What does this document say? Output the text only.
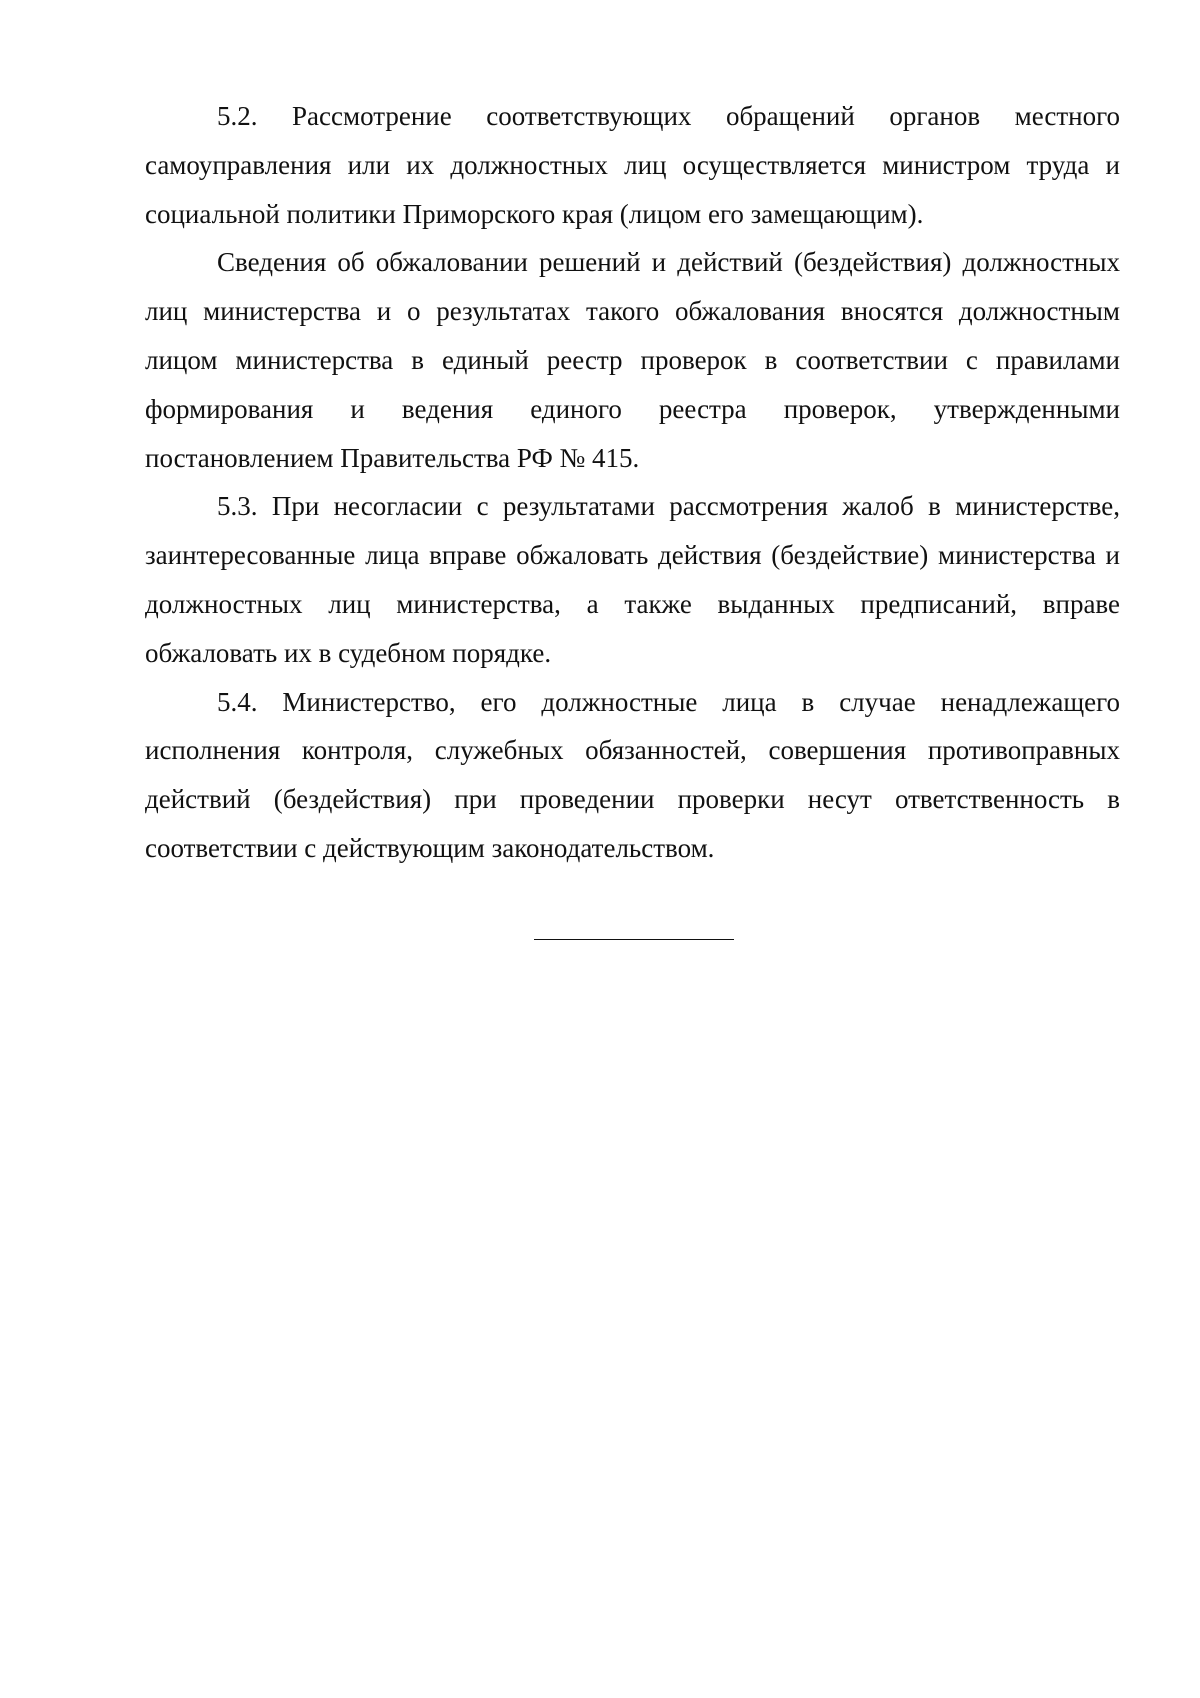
5.2. Рассмотрение соответствующих обращений органов местного самоуправления или их должностных лиц осуществляется министром труда и социальной политики Приморского края (лицом его замещающим).

Сведения об обжаловании решений и действий (бездействия) должностных лиц министерства и о результатах такого обжалования вносятся должностным лицом министерства в единый реестр проверок в соответствии с правилами формирования и ведения единого реестра проверок, утвержденными постановлением Правительства РФ № 415.

5.3. При несогласии с результатами рассмотрения жалоб в министерстве, заинтересованные лица вправе обжаловать действия (бездействие) министерства и должностных лиц министерства, а также выданных предписаний, вправе обжаловать их в судебном порядке.

5.4. Министерство, его должностные лица в случае ненадлежащего исполнения контроля, служебных обязанностей, совершения противоправных действий (бездействия) при проведении проверки несут ответственность в соответствии с действующим законодательством.
